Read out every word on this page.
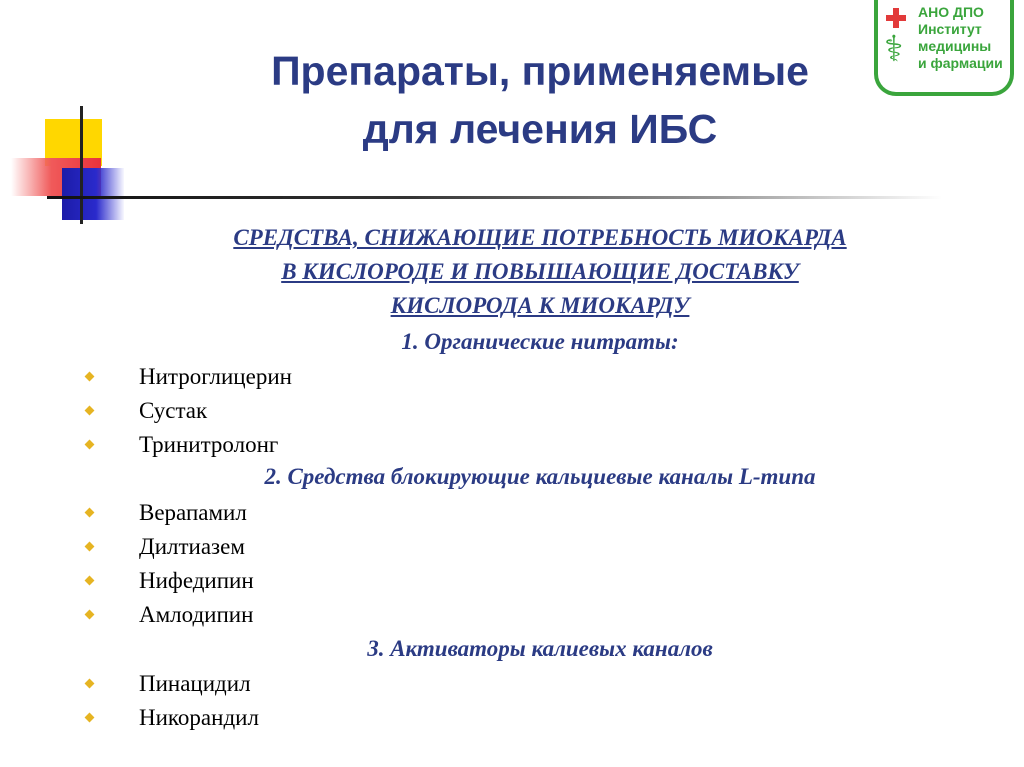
⚕
АНО ДПО
Институт
медицины
и фармации
Препараты, применяемые
для лечения ИБС
СРЕДСТВА, СНИЖАЮЩИЕ ПОТРЕБНОСТЬ МИОКАРДА
В КИСЛОРОДЕ И ПОВЫШАЮЩИЕ ДОСТАВКУ
КИСЛОРОДА К МИОКАРДУ
1. Органические нитраты:
Нитроглицерин
Сустак
Тринитролонг
2. Средства блокирующие кальциевые каналы L-типа
Верапамил
Дилтиазем
Нифедипин
Амлодипин
3. Активаторы калиевых каналов
Пинацидил
Никорандил
